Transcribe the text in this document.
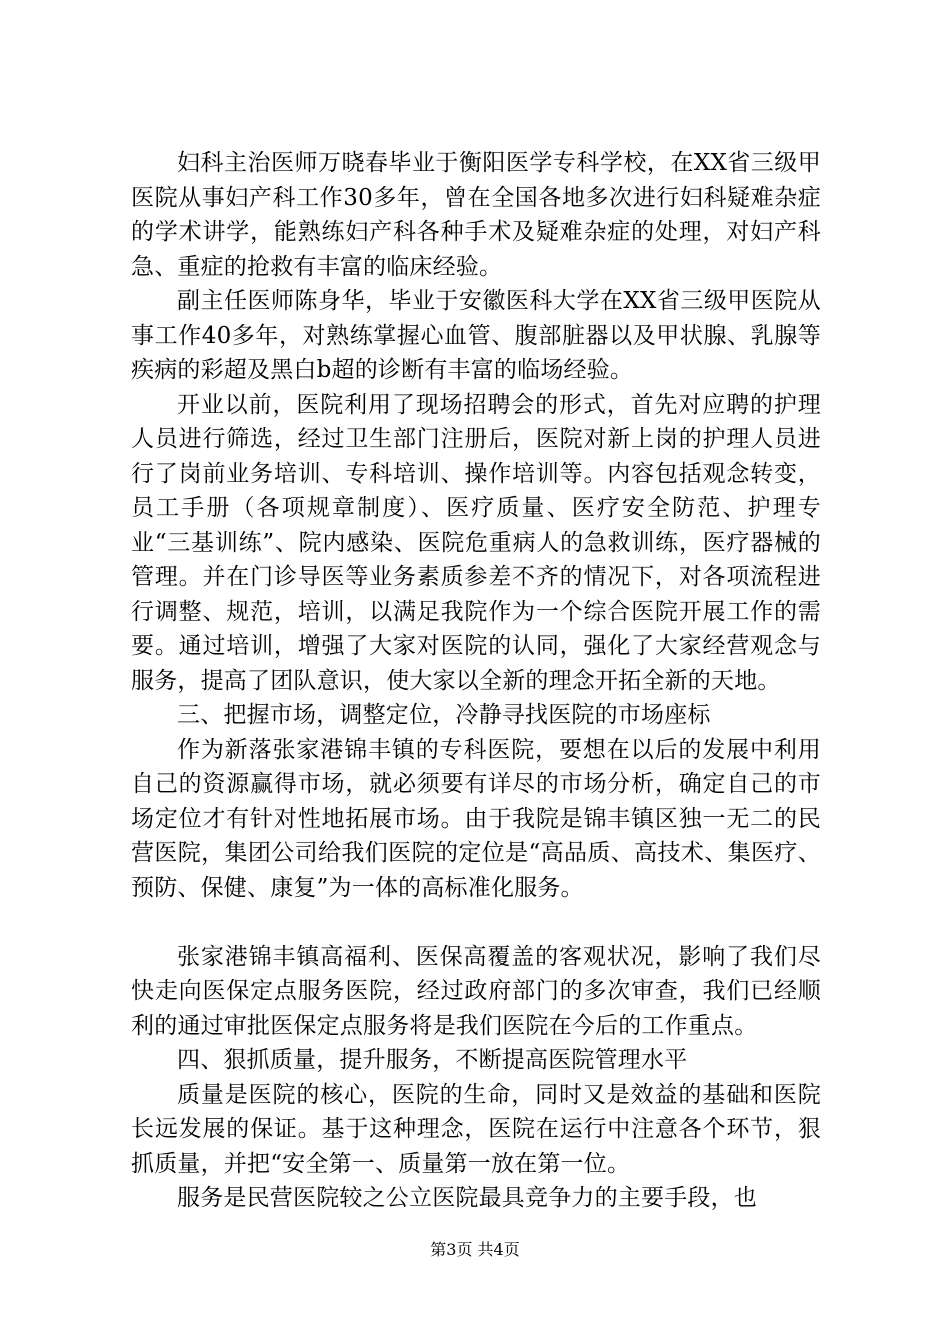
妇科主治医师万晓春毕业于衡阳医学专科学校，在XX省三级甲医院从事妇产科工作30多年，曾在全国各地多次进行妇科疑难杂症的学术讲学，能熟练妇产科各种手术及疑难杂症的处理，对妇产科急、重症的抢救有丰富的临床经验。

副主任医师陈身华，毕业于安徽医科大学在XX省三级甲医院从事工作40多年，对熟练掌握心血管、腹部脏器以及甲状腺、乳腺等疾病的彩超及黑白b超的诊断有丰富的临场经验。

开业以前，医院利用了现场招聘会的形式，首先对应聘的护理人员进行筛选，经过卫生部门注册后，医院对新上岗的护理人员进行了岗前业务培训、专科培训、操作培训等。内容包括观念转变，员工手册（各项规章制度）、医疗质量、医疗安全防范、护理专业“三基训练”、院内感染、医院危重病人的急救训练，医疗器械的管理。并在门诊导医等业务素质参差不齐的情况下，对各项流程进行调整、规范，培训，以满足我院作为一个综合医院开展工作的需要。通过培训，增强了大家对医院的认同，强化了大家经营观念与服务，提高了团队意识，使大家以全新的理念开拓全新的天地。

三、把握市场，调整定位，冷静寻找医院的市场座标

作为新落张家港锦丰镇的专科医院，要想在以后的发展中利用自己的资源赢得市场，就必须要有详尽的市场分析，确定自己的市场定位才有针对性地拓展市场。由于我院是锦丰镇区独一无二的民营医院，集团公司给我们医院的定位是“高品质、高技术、集医疗、预防、保健、康复”为一体的高标准化服务。

张家港锦丰镇高福利、医保高覆盖的客观状况，影响了我们尽快走向医保定点服务医院，经过政府部门的多次审查，我们已经顺利的通过审批医保定点服务将是我们医院在今后的工作重点。

四、狠抓质量，提升服务，不断提高医院管理水平

质量是医院的核心，医院的生命，同时又是效益的基础和医院长远发展的保证。基于这种理念，医院在运行中注意各个环节，狠抓质量，并把“安全第一、质量第一放在第一位。

服务是民营医院较之公立医院最具竞争力的主要手段，也

第3页 共4页
